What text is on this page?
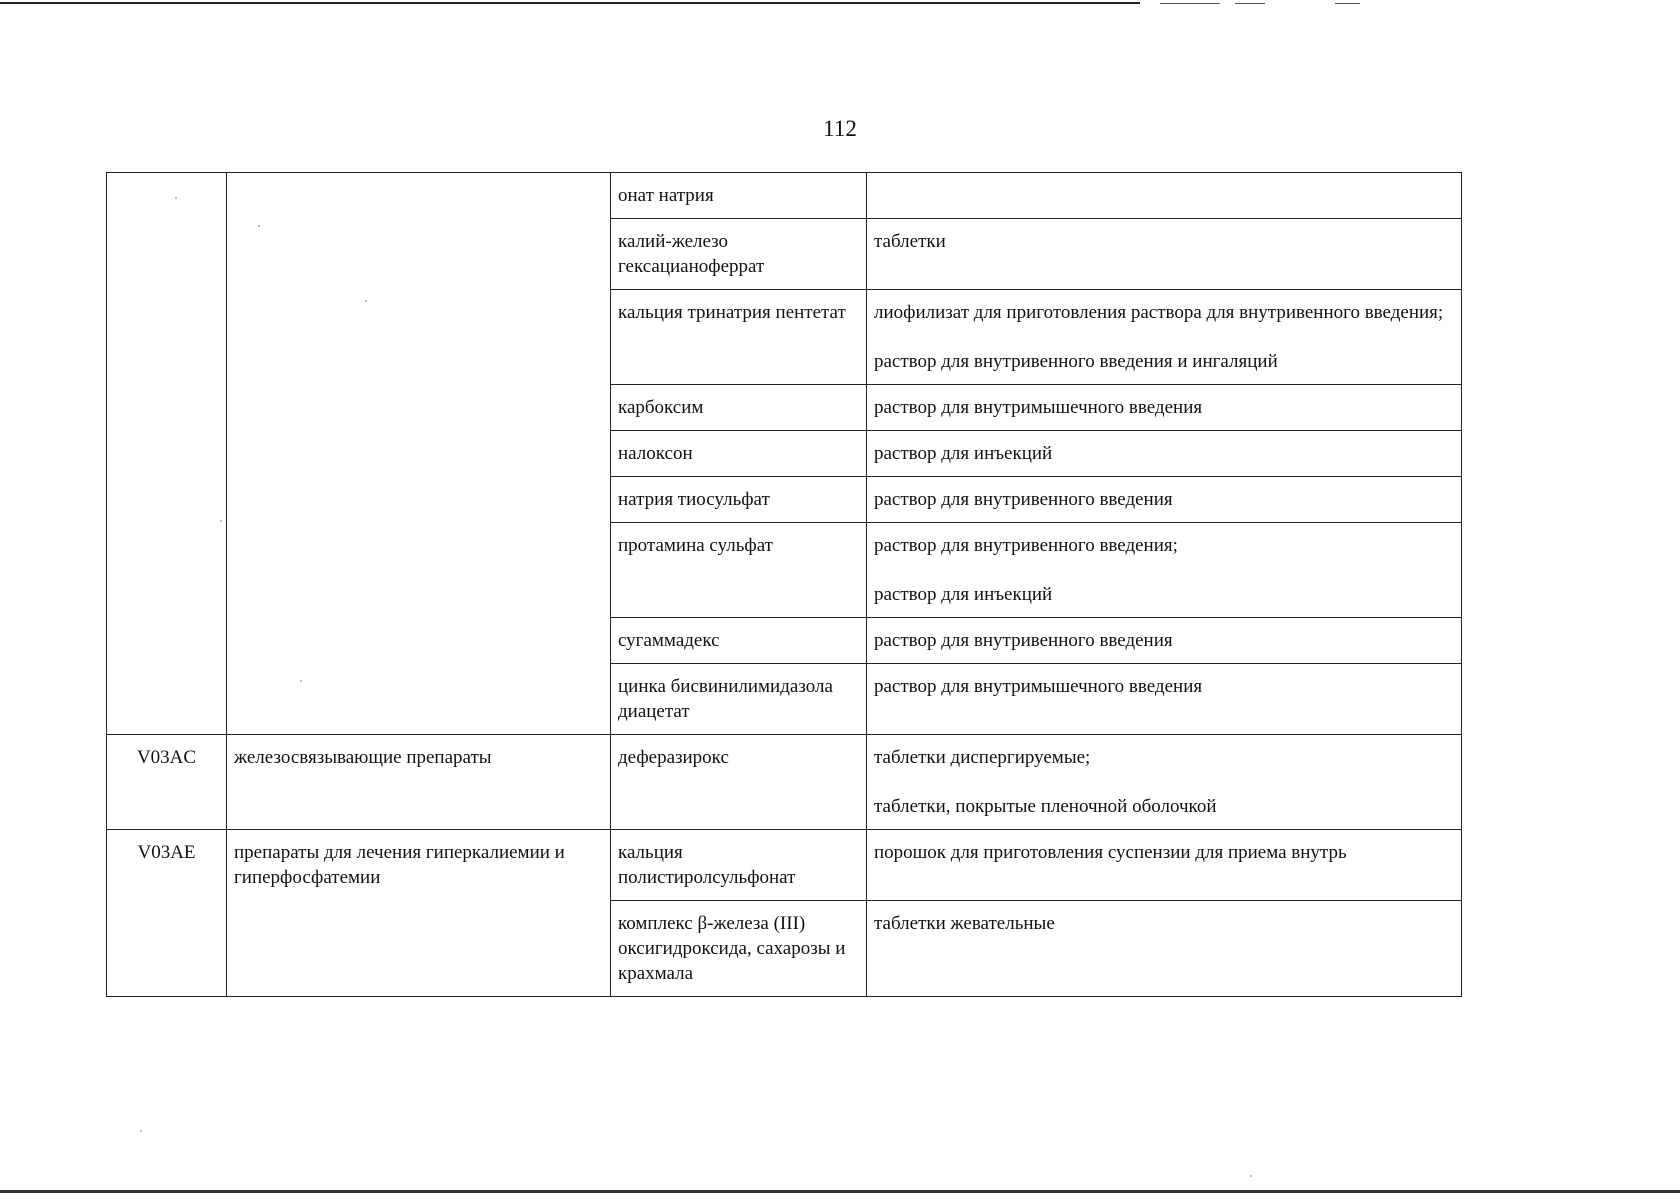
112
		онат натрия	
		калий-железо гексацианоферрат	таблетки
		кальция тринатрия пентетат	лиофилизат для приготовления раствора для внутривенного введения;
раствор для внутривенного введения и ингаляций
		карбоксим	раствор для внутримышечного введения
		налоксон	раствор для инъекций
		натрия тиосульфат	раствор для внутривенного введения
		протамина сульфат	раствор для внутривенного введения;
раствор для инъекций
		сугаммадекс	раствор для внутривенного введения
		цинка бисвинилимидазола диацетат	раствор для внутримышечного введения
V03AC	железосвязывающие препараты	деферазирокс	таблетки диспергируемые;
таблетки, покрытые пленочной оболочкой
V03AE	препараты для лечения гиперкалиемии и гиперфосфатемии	кальция полистиролсульфонат	порошок для приготовления суспензии для приема внутрь
		комплекс β-железа (III) оксигидроксида, сахарозы и крахмала	таблетки жевательные
